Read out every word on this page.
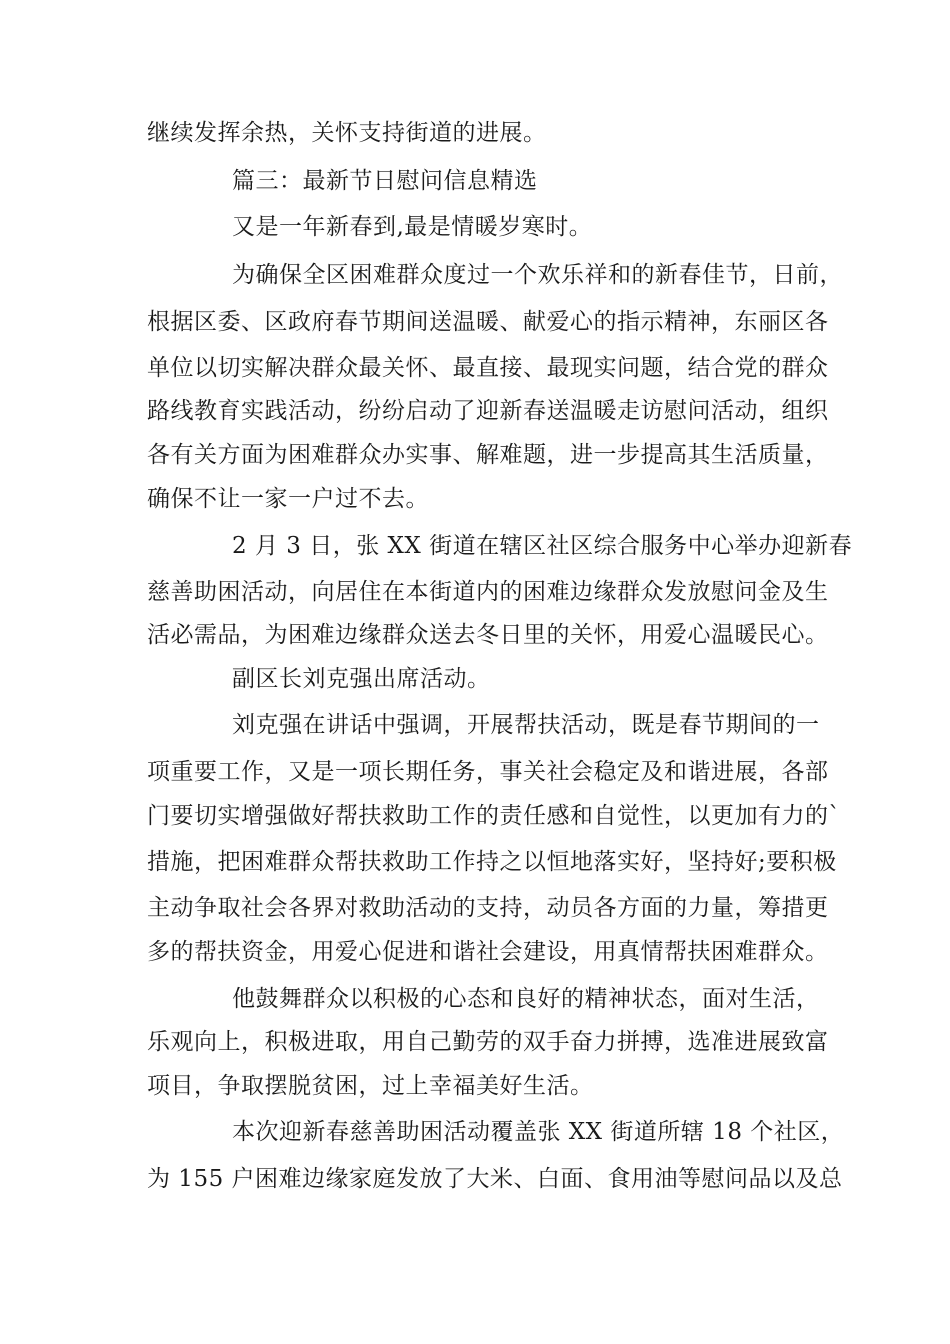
继续发挥余热，关怀支持街道的进展。
篇三：最新节日慰问信息精选
又是一年新春到,最是情暖岁寒时。
为确保全区困难群众度过一个欢乐祥和的新春佳节，日前，
根据区委、区政府春节期间送温暖、献爱心的指示精神，东丽区各
单位以切实解决群众最关怀、最直接、最现实问题，结合党的群众
路线教育实践活动，纷纷启动了迎新春送温暖走访慰问活动，组织
各有关方面为困难群众办实事、解难题，进一步提高其生活质量，
确保不让一家一户过不去。
2 月 3 日，张 XX 街道在辖区社区综合服务中心举办迎新春
慈善助困活动，向居住在本街道内的困难边缘群众发放慰问金及生
活必需品，为困难边缘群众送去冬日里的关怀，用爱心温暖民心。
副区长刘克强出席活动。
刘克强在讲话中强调，开展帮扶活动，既是春节期间的一
项重要工作，又是一项长期任务，事关社会稳定及和谐进展，各部
门要切实增强做好帮扶救助工作的责任感和自觉性，以更加有力的`
措施，把困难群众帮扶救助工作持之以恒地落实好，坚持好;要积极
主动争取社会各界对救助活动的支持，动员各方面的力量，筹措更
多的帮扶资金，用爱心促进和谐社会建设，用真情帮扶困难群众。
他鼓舞群众以积极的心态和良好的精神状态，面对生活，
乐观向上，积极进取，用自己勤劳的双手奋力拼搏，选准进展致富
项目，争取摆脱贫困，过上幸福美好生活。
本次迎新春慈善助困活动覆盖张 XX 街道所辖 18 个社区，
为 155 户困难边缘家庭发放了大米、白面、食用油等慰问品以及总
